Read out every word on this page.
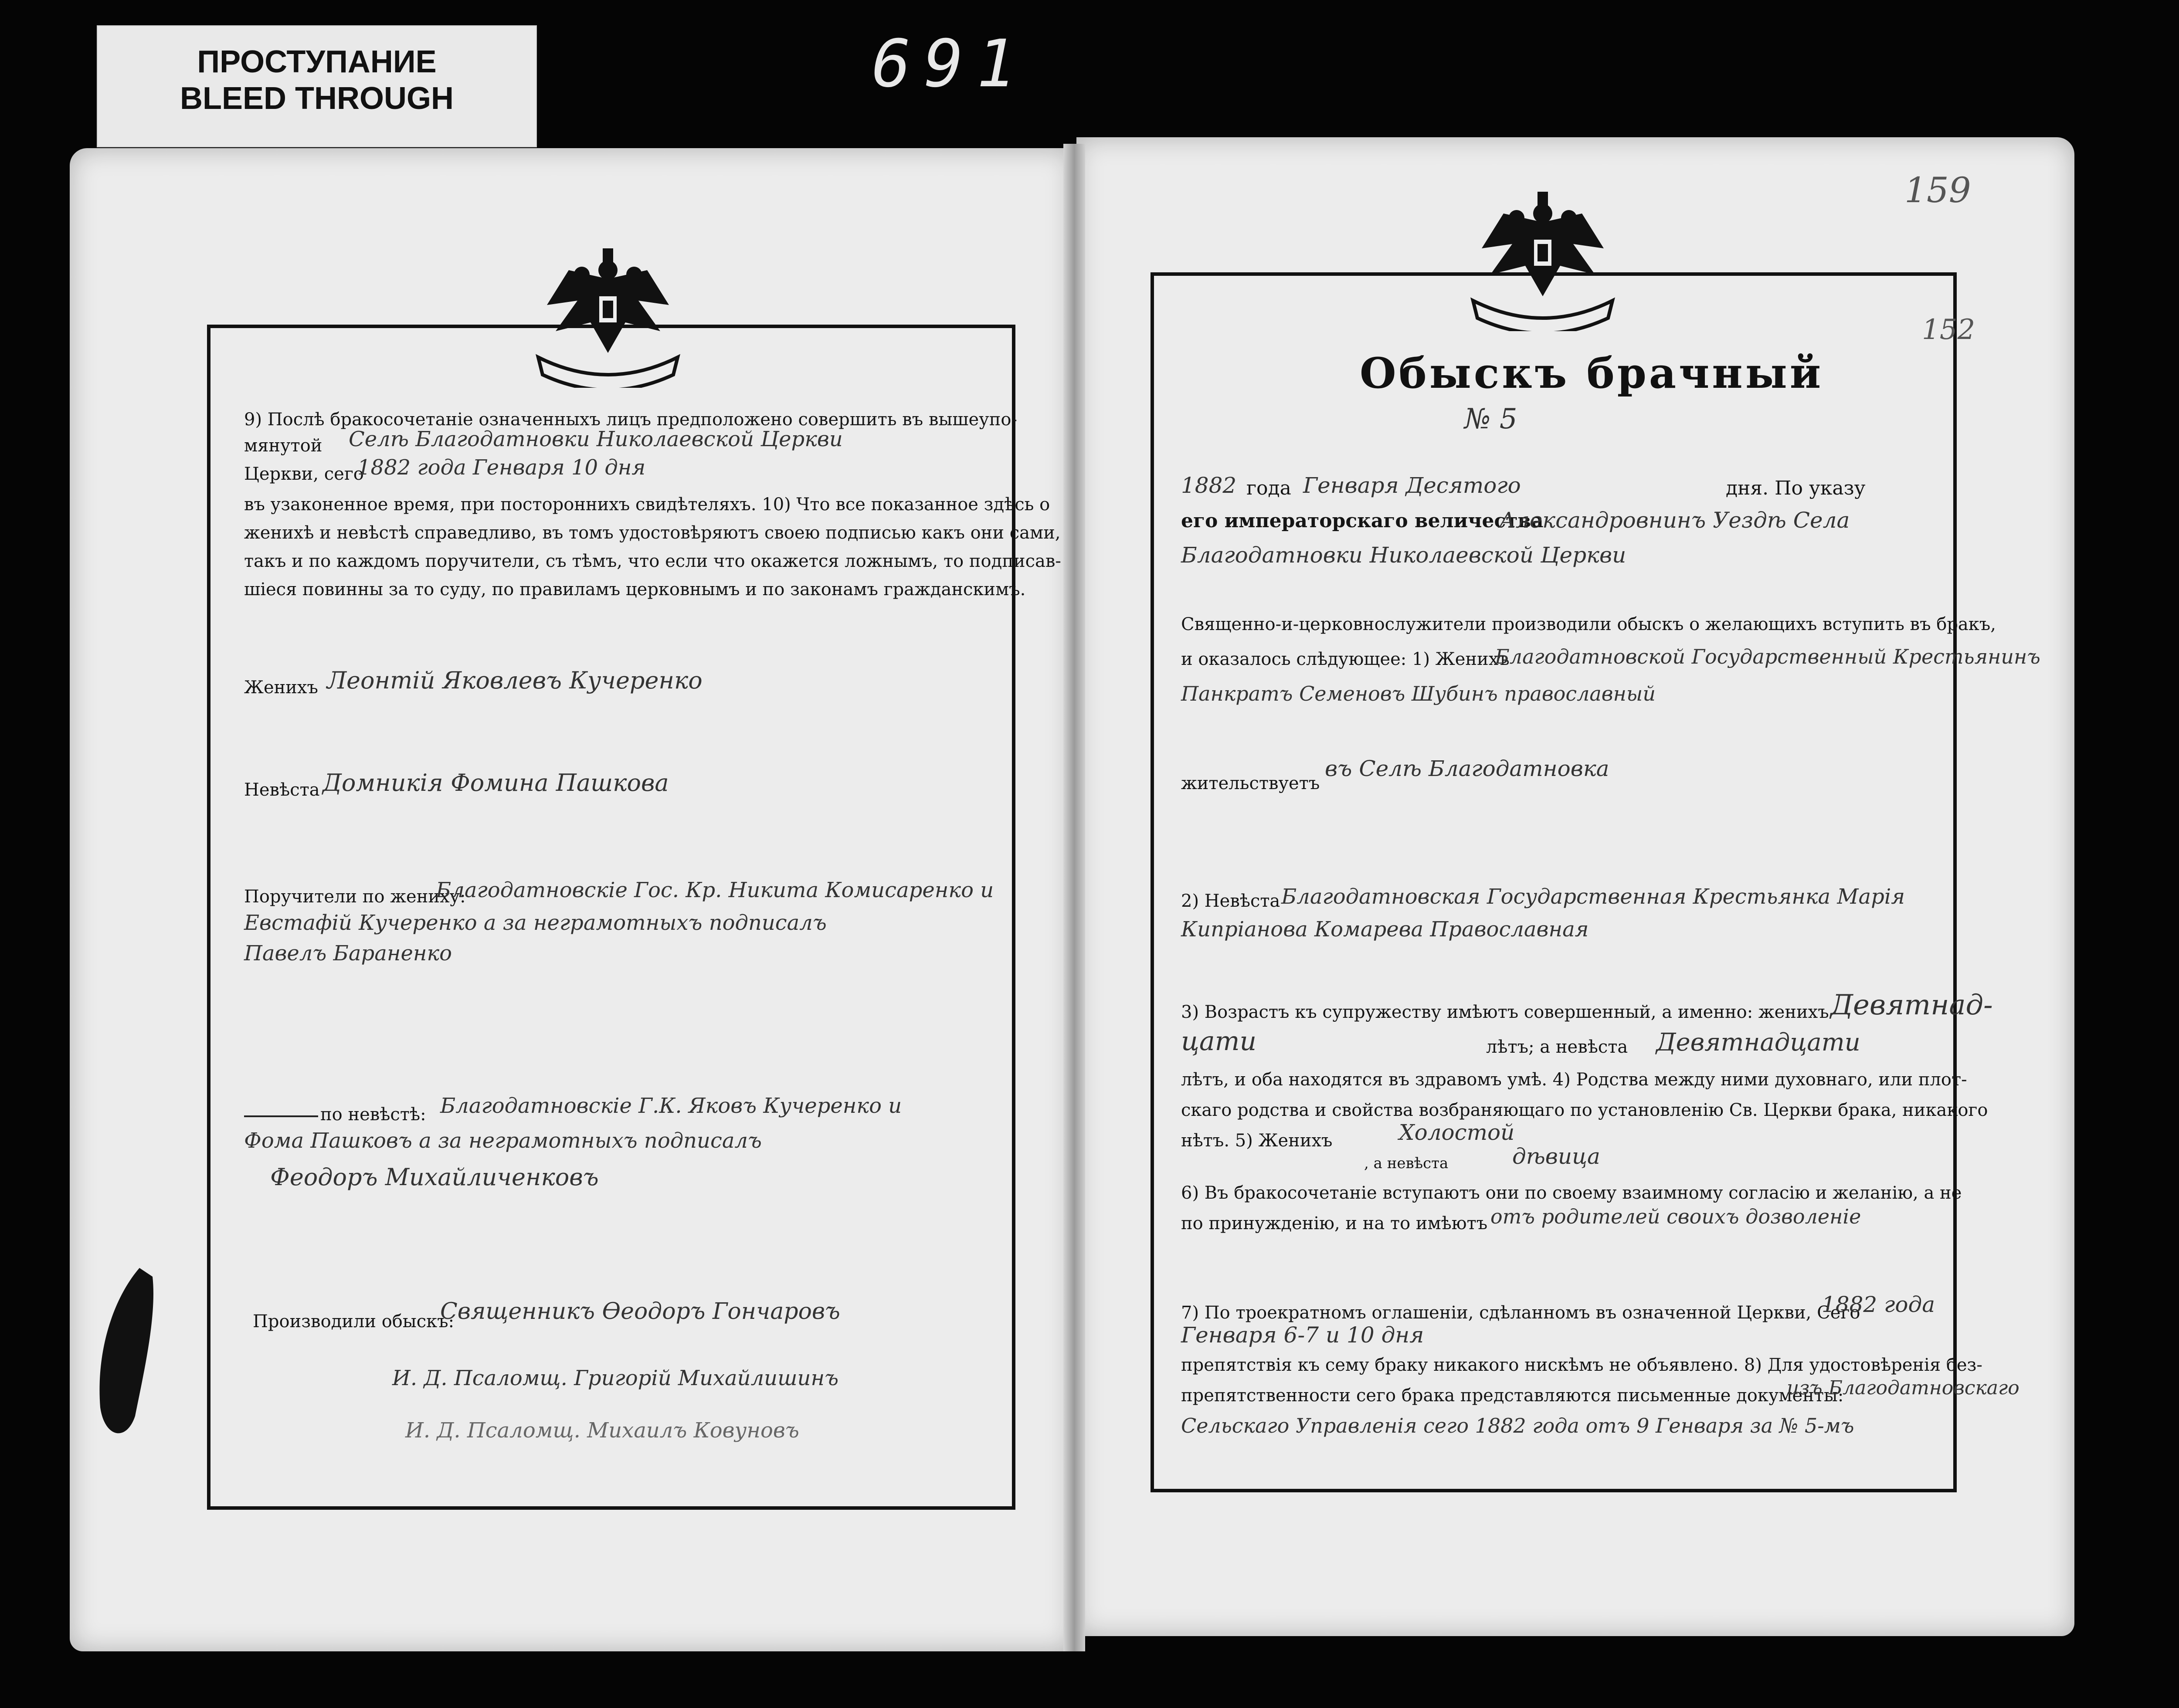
ПРОСТУПАНИЕ
BLEED THROUGH	691
159
152
Обыскъ брачный
№ 5
1882 года Генваря Десятого	дня. По указу
его императорскаго величества
Александровнинъ Уездѣ Села
Благодатновки Николаевской Церкви
Священно-и-церковнослужители производили обыскъ о желающихъ вступить въ бракъ,
и оказалось слѣдующее: 1) Женихъ
Благодатновской Государственный Крестьянинъ
Панкратъ Семеновъ Шубинъ православный
жительствуетъ
въ Селѣ Благодатновка
2) Невѣста Благодатновская Государственная Крестьянка Марія
Кипріанова Комарева Православная
3) Возрастъ къ супружеству имѣютъ совершенный, а именно: женихъ Девятнад-
цати	лѣтъ; а невѣста Девятнадцати
лѣтъ, и оба находятся въ здравомъ умѣ. 4) Родства между ними духовнаго, или плот-
скаго родства и свойства возбраняющаго по установленію Св. Церкви брака, никакого
нѣтъ. 5) Женихъ	Холостой
, а невѣста	дѣвица
6) Въ бракосочетаніе вступаютъ они по своему взаимному согласію и желанію, а не
по принужденію, и на то имѣютъ отъ родителей своихъ дозволеніе
7) По троекратномъ оглашеніи, сдѣланномъ въ означенной Церкви, Сего
1882 года
Генваря 6-7 и 10 дня
препятствія къ сему браку никакого нискѣмъ не объявлено. 8) Для удостовѣренія без-
препятственности сего брака представляются письменные документы:
изъ Благодатновскаго
Сельскаго Управленія сего 1882 года отъ 9 Генваря за № 5-мъ
9) Послѣ бракосочетаніе означенныхъ лицъ предположено совершить въ вышеупо-
мянутой Селѣ Благодатновки Николаевской Церкви
Церкви, сего
1882 года Генваря 10 дня
въ узаконенное время, при постороннихъ свидѣтеляхъ. 10) Что все показанное здѣсь о
женихѣ и невѣстѣ справедливо, въ томъ удостовѣряютъ своею подписью какъ они сами,
такъ и по каждомъ поручители, съ тѣмъ, что если что окажется ложнымъ, то подписав-
шіеся повинны за то суду, по правиламъ церковнымъ и по законамъ гражданскимъ.
Женихъ Леонтій Яковлевъ Кучеренко
Невѣста Домникія Фомина Пашкова
Поручители по жениху:
Благодатновскіе Гос. Кр. Никита Комисаренко и
Евстафій Кучеренко а за неграмотныхъ подписалъ
Павелъ Бараненко
по невѣстѣ: Благодатновскіе Г.К. Яковъ Кучеренко и
Фома Пашковъ а за неграмотныхъ подписалъ
Феодоръ Михайличенковъ
Производили обыскъ:
Священникъ Өеодоръ Гончаровъ
И. Д. Псаломщ. Григорій Михайлишинъ
И. Д. Псаломщ. Михаилъ Ковуновъ
